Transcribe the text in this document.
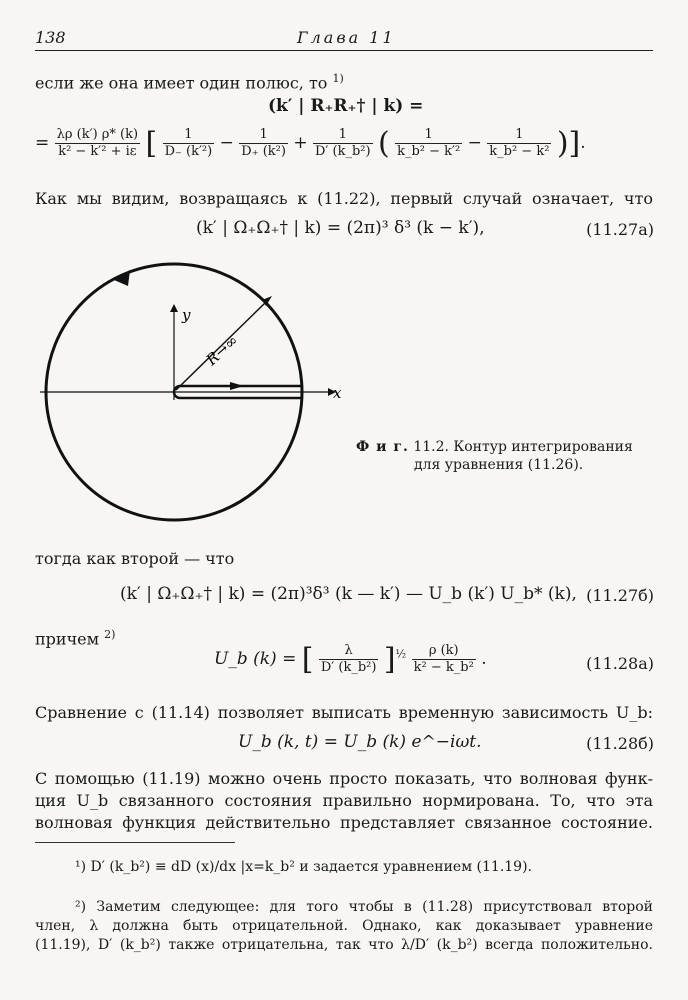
138	Глава 11
если же она имеет один полюс, то $^{1)}$
(k′ | R₊R₊† | k) =
= $\frac{\lambda\rho (k') \rho* (k)}{\text{k² − k′² + iε}}$ [ $\frac{1}{\text{D₋ (k′²)}} - \frac{1}{\text{D₊ (k²)}} + \frac{1}{\text{D′ (k\_b²)}}$ ( $\frac{1}{\text{k\_b² − k′²}} - \frac{1}{\text{k\_b² − k²}}$ )].
Как мы видим, возвращаясь к (11.22), первый случай означает, что
(k′ | Ω₊Ω₊† | k) = (2π)³ δ³ (k − k′),	(11.27а)
y
x
R→∞
Ф и г. 11.2. Контур интегрирования
для уравнения (11.26).
тогда как второй — что
(k′ | Ω₊Ω₊† | k) = (2π)³δ³ (k — k′) — U_b (k′) U_b* (k), (11.27б)
причем $^{2)}$
U_b (k) = [ $\frac{\lambda}{\text{D′ (k\_b²)}} ]^{\frac{1}{2}} \frac{\rho (k)}{\text{k² − k\_b²}}$ .	(11.28а)
Сравнение с (11.14) позволяет выписать временную зависимость U_b:
U_b (k, t) = U_b (k) e^−iωt.	(11.28б)
С помощью (11.19) можно очень просто показать, что волновая функ-
ция U_b связанного состояния правильно нормирована. То, что эта
волновая функция действительно представляет связанное состояние.
¹) D′ (k_b²) ≡ dD (x)/dx |x=k_b² и задается уравнением (11.19).
²) Заметим следующее: для того чтобы в (11.28) присутствовал второй
член, λ должна быть отрицательной. Однако, как доказывает уравнение
(11.19), D′ (k_b²) также отрицательна, так что λ/D′ (k_b²) всегда положительно.
